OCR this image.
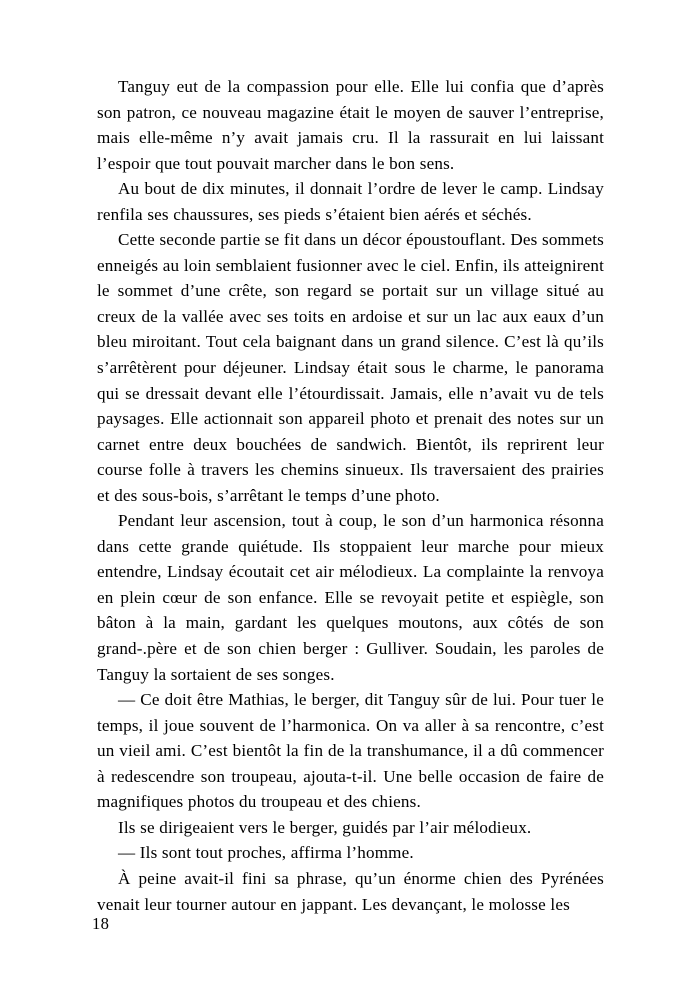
Tanguy eut de la compassion pour elle. Elle lui confia que d’après son patron, ce nouveau magazine était le moyen de sauver l’entreprise, mais elle-même n’y avait jamais cru. Il la rassurait en lui laissant l’espoir que tout pouvait marcher dans le bon sens.

Au bout de dix minutes, il donnait l’ordre de lever le camp. Lindsay renfila ses chaussures, ses pieds s’étaient bien aérés et séchés.

Cette seconde partie se fit dans un décor époustouflant. Des sommets enneigés au loin semblaient fusionner avec le ciel. Enfin, ils atteignirent le sommet d’une crête, son regard se portait sur un village situé au creux de la vallée avec ses toits en ardoise et sur un lac aux eaux d’un bleu miroitant. Tout cela baignant dans un grand silence. C’est là qu’ils s’arrêtèrent pour déjeuner. Lindsay était sous le charme, le panorama qui se dressait devant elle l’étourdissait. Jamais, elle n’avait vu de tels paysages. Elle actionnait son appareil photo et prenait des notes sur un carnet entre deux bouchées de sandwich. Bientôt, ils reprirent leur course folle à travers les chemins sinueux. Ils traversaient des prairies et des sous-bois, s’arrêtant le temps d’une photo.

Pendant leur ascension, tout à coup, le son d’un harmonica résonna dans cette grande quiétude. Ils stoppaient leur marche pour mieux entendre, Lindsay écoutait cet air mélodieux. La complainte la renvoya en plein cœur de son enfance. Elle se revoyait petite et espiègle, son bâton à la main, gardant les quelques moutons, aux côtés de son grand-.père et de son chien berger : Gulliver. Soudain, les paroles de Tanguy la sortaient de ses songes.

— Ce doit être Mathias, le berger, dit Tanguy sûr de lui. Pour tuer le temps, il joue souvent de l’harmonica. On va aller à sa rencontre, c’est un vieil ami. C’est bientôt la fin de la transhumance, il a dû commencer à redescendre son troupeau, ajouta-t-il. Une belle occasion de faire de magnifiques photos du troupeau et des chiens.

Ils se dirigeaient vers le berger, guidés par l’air mélodieux.

— Ils sont tout proches, affirma l’homme.

À peine avait-il fini sa phrase, qu’un énorme chien des Pyrénées venait leur tourner autour en jappant. Les devançant, le molosse les

18
